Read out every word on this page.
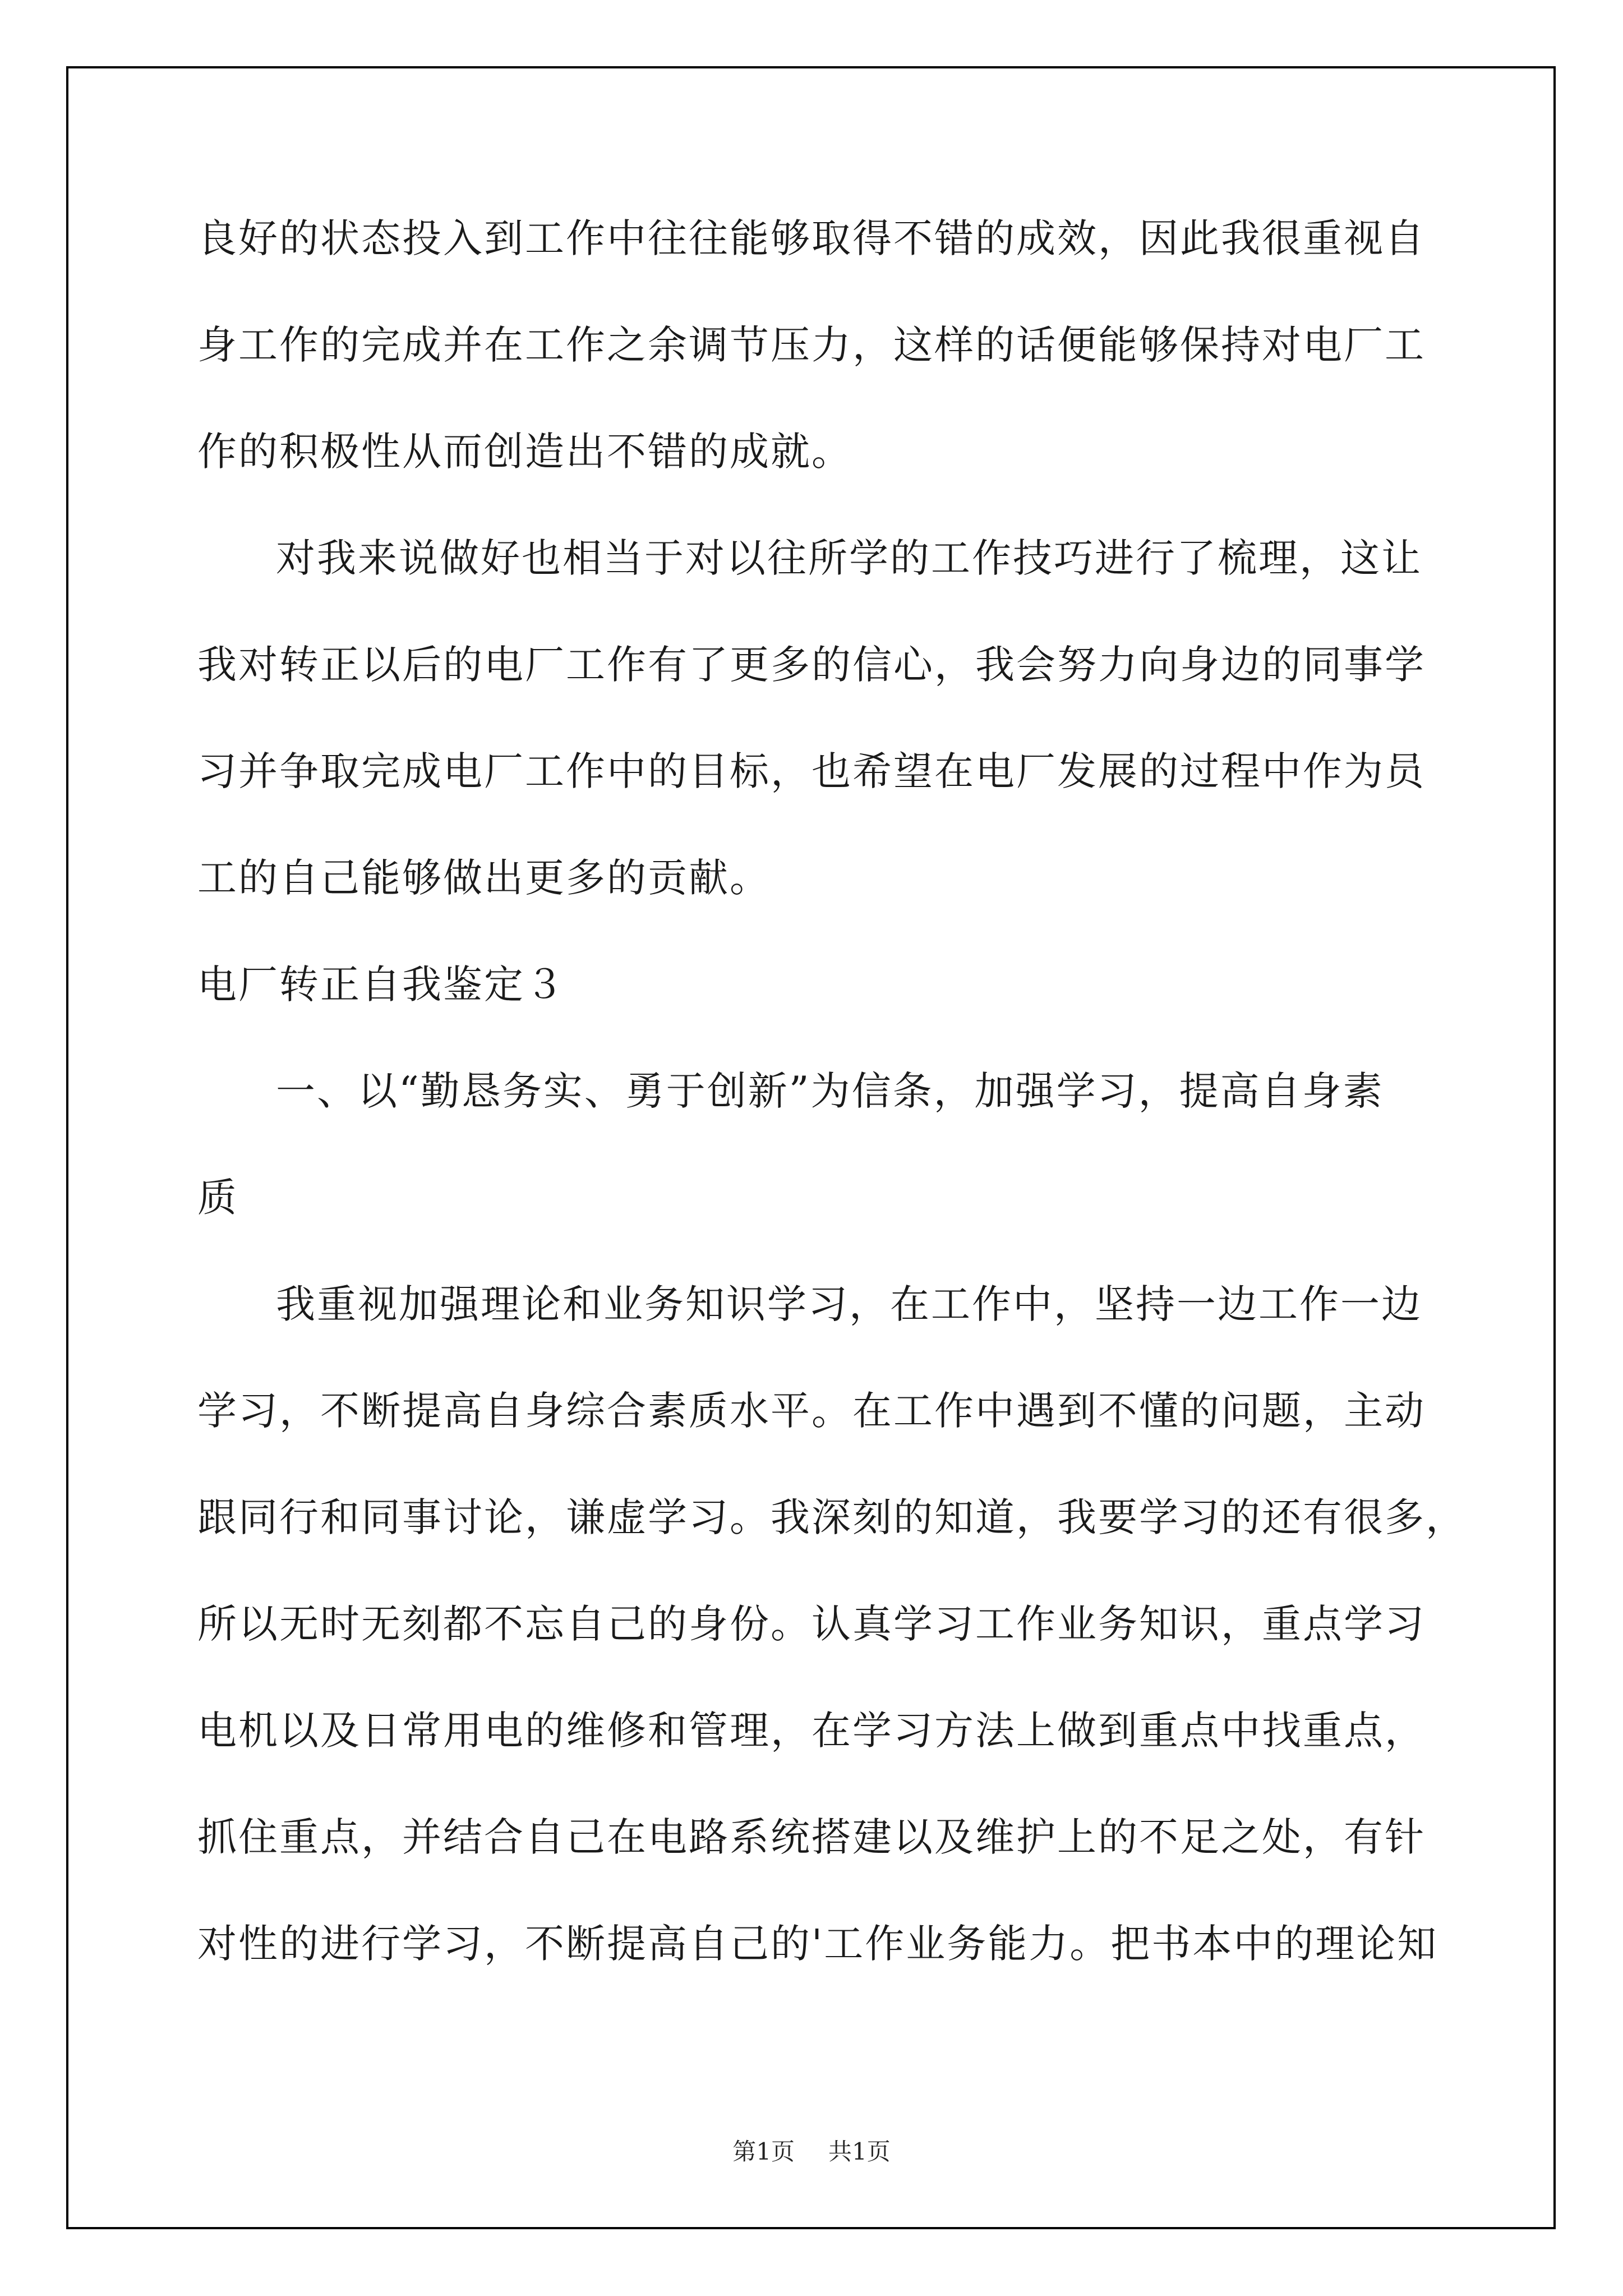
良好的状态投入到工作中往往能够取得不错的成效，因此我很重视自
身工作的完成并在工作之余调节压力，这样的话便能够保持对电厂工
作的积极性从而创造出不错的成就。
对我来说做好也相当于对以往所学的工作技巧进行了梳理，这让
我对转正以后的电厂工作有了更多的信心，我会努力向身边的同事学
习并争取完成电厂工作中的目标，也希望在电厂发展的过程中作为员
工的自己能够做出更多的贡献。
电厂转正自我鉴定３
一、以“勤恳务实、勇于创新”为信条，加强学习，提高自身素
质
我重视加强理论和业务知识学习，在工作中，坚持一边工作一边
学习，不断提高自身综合素质水平。在工作中遇到不懂的问题，主动
跟同行和同事讨论，谦虚学习。我深刻的知道，我要学习的还有很多，
所以无时无刻都不忘自己的身份。认真学习工作业务知识，重点学习
电机以及日常用电的维修和管理，在学习方法上做到重点中找重点，
抓住重点，并结合自己在电路系统搭建以及维护上的不足之处，有针
对性的进行学习，不断提高自己的'工作业务能力。把书本中的理论知
第1页 共1页
